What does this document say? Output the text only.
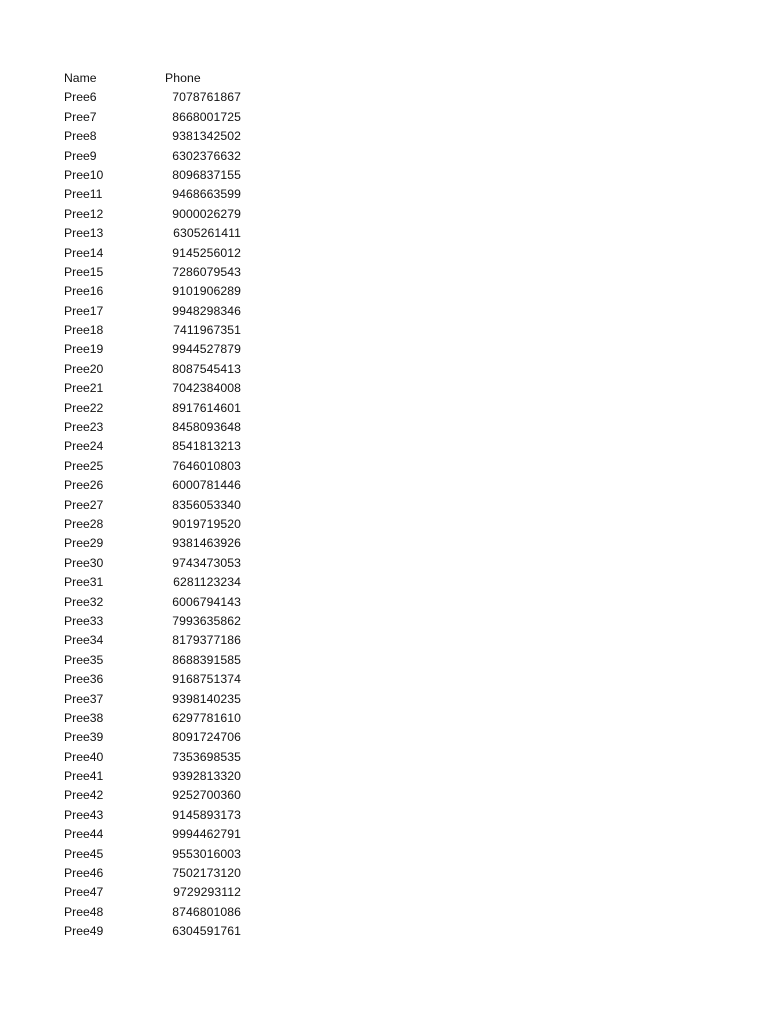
Name	Phone
Pree6	7078761867
Pree7	8668001725
Pree8	9381342502
Pree9	6302376632
Pree10	8096837155
Pree11	9468663599
Pree12	9000026279
Pree13	6305261411
Pree14	9145256012
Pree15	7286079543
Pree16	9101906289
Pree17	9948298346
Pree18	7411967351
Pree19	9944527879
Pree20	8087545413
Pree21	7042384008
Pree22	8917614601
Pree23	8458093648
Pree24	8541813213
Pree25	7646010803
Pree26	6000781446
Pree27	8356053340
Pree28	9019719520
Pree29	9381463926
Pree30	9743473053
Pree31	6281123234
Pree32	6006794143
Pree33	7993635862
Pree34	8179377186
Pree35	8688391585
Pree36	9168751374
Pree37	9398140235
Pree38	6297781610
Pree39	8091724706
Pree40	7353698535
Pree41	9392813320
Pree42	9252700360
Pree43	9145893173
Pree44	9994462791
Pree45	9553016003
Pree46	7502173120
Pree47	9729293112
Pree48	8746801086
Pree49	6304591761
